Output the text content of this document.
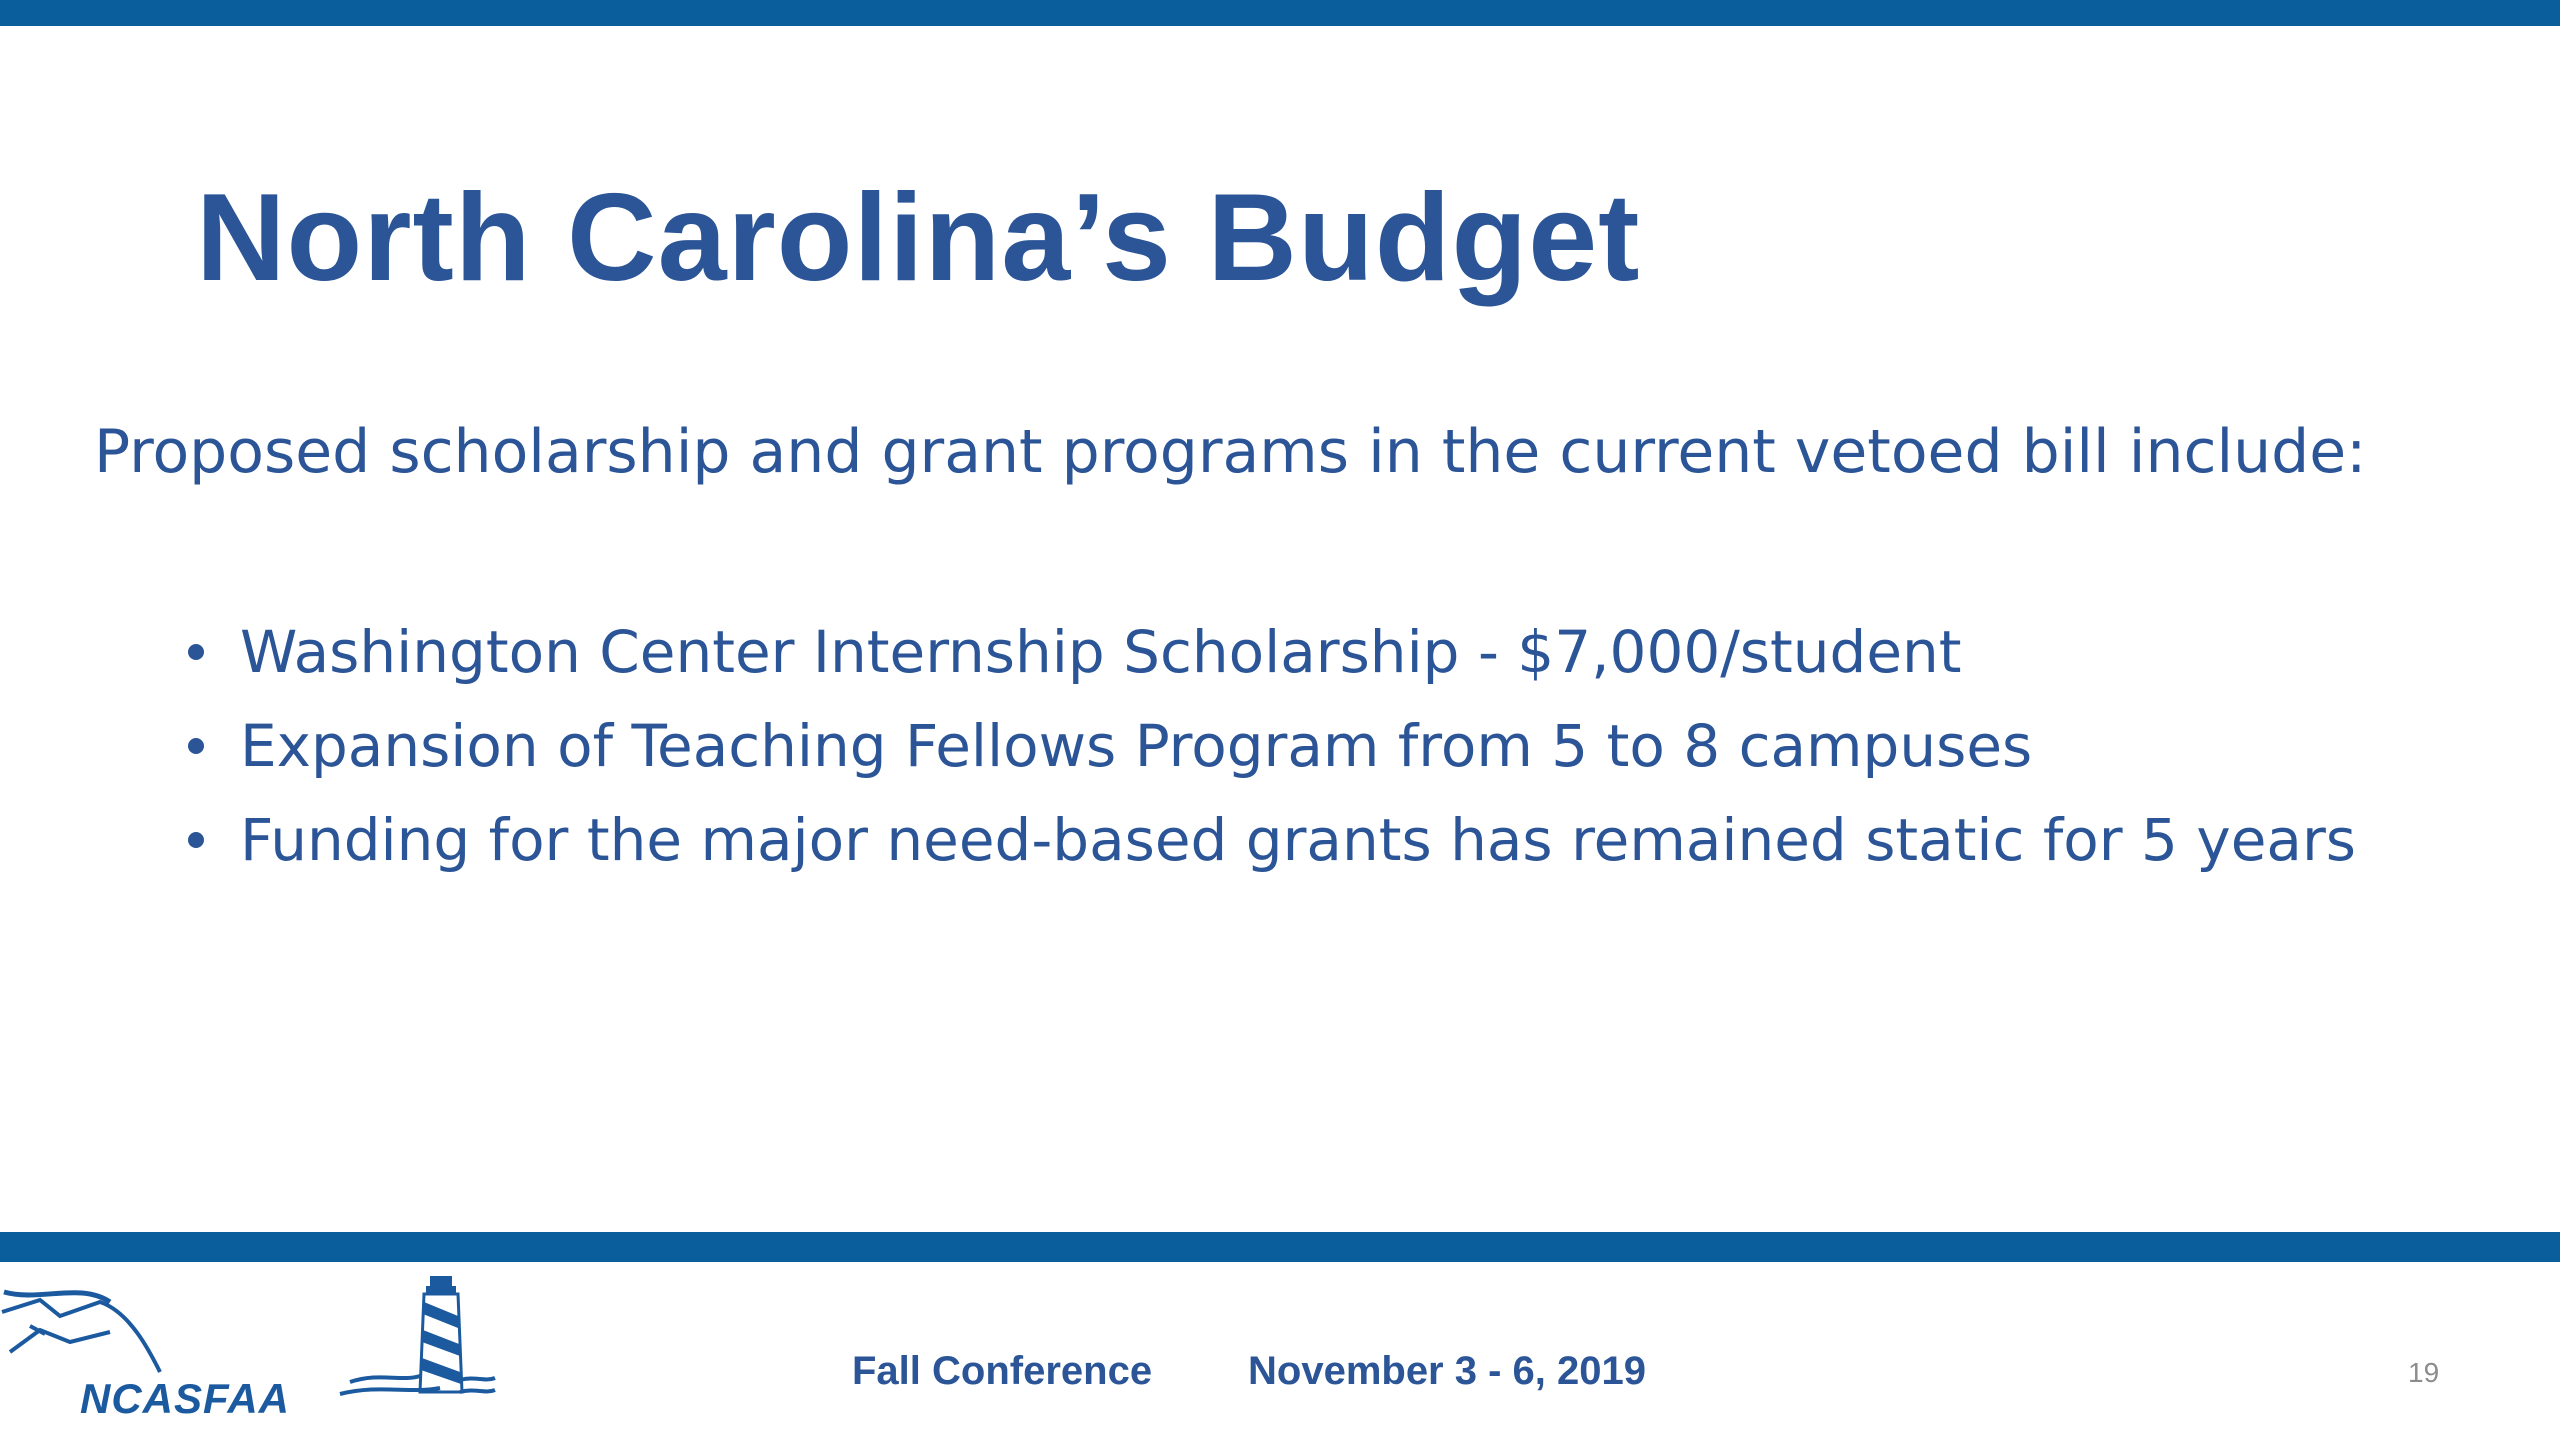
North Carolina’s Budget

Proposed scholarship and grant programs in the current vetoed bill include:

Washington Center Internship Scholarship - $7,000/student
Expansion of Teaching Fellows Program from 5 to 8 campuses
Funding for the major need-based grants has remained static for 5 years
NCASFAA
Fall Conference November 3 - 6, 2019	19
